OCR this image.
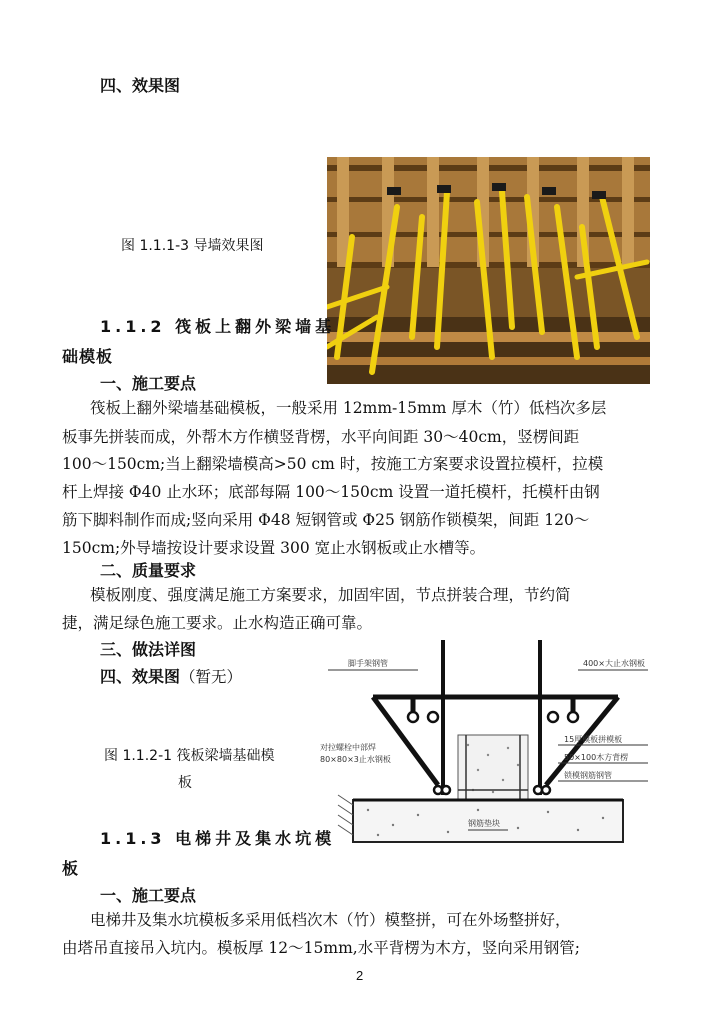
四、效果图
图 1.1.1-3 导墙效果图
1.1.2 筏板上翻外梁墙基
础模板
一、施工要点
筏板上翻外梁墙基础模板，一般采用 12mm-15mm 厚木（竹）低档次多层
板事先拼装而成，外帮木方作横竖背楞，水平向间距 30～40cm，竖楞间距
100～150cm;当上翻梁墙模高>50 cm 时，按施工方案要求设置拉模杆，拉模
杆上焊接 Φ40 止水环；底部每隔 100～150cm 设置一道托模杆，托模杆由钢
筋下脚料制作而成;竖向采用 Φ48 短钢管或 Φ25 钢筋作锁模架，间距 120～
150cm;外导墙按设计要求设置 300 宽止水钢板或止水槽等。
二、质量要求
模板刚度、强度满足施工方案要求，加固牢固，节点拼装合理，节约简
捷，满足绿色施工要求。止水构造正确可靠。
三、做法详图
四、效果图（暂无）
图 1.1.2-1 筏板梁墙基础模
板
脚手架钢管	400×大止水钢板
对拉螺栓中部焊
80×80×3止水钢板
15厚模板拼模板
50×100木方背楞
锁模钢筋钢管
钢筋垫块
1.1.3 电梯井及集水坑模
板
一、施工要点
电梯井及集水坑模板多采用低档次木（竹）模整拼，可在外场整拼好，
由塔吊直接吊入坑内。模板厚 12～15mm,水平背楞为木方，竖向采用钢管;
2
